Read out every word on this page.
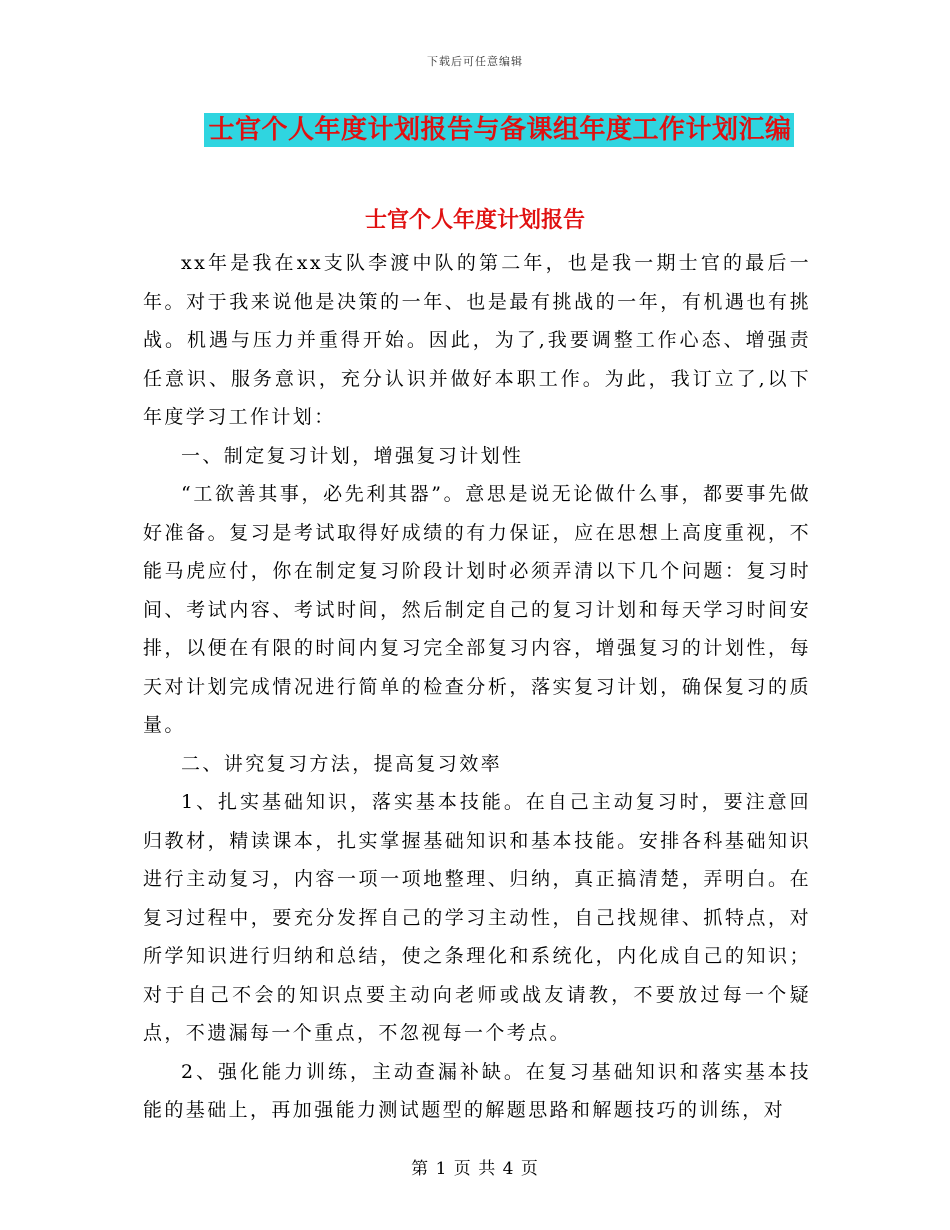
下载后可任意编辑
士官个人年度计划报告与备课组年度工作计划汇编
士官个人年度计划报告

xx年是我在xx支队李渡中队的第二年，也是我一期士官的最后一年。对于我来说他是决策的一年、也是最有挑战的一年，有机遇也有挑战。机遇与压力并重得开始。因此，为了,我要调整工作心态、增强责任意识、服务意识，充分认识并做好本职工作。为此，我订立了,以下年度学习工作计划：

一、制定复习计划，增强复习计划性

“工欲善其事，必先利其器”。意思是说无论做什么事，都要事先做好准备。复习是考试取得好成绩的有力保证，应在思想上高度重视，不能马虎应付，你在制定复习阶段计划时必须弄清以下几个问题：复习时间、考试内容、考试时间，然后制定自己的复习计划和每天学习时间安排，以便在有限的时间内复习完全部复习内容，增强复习的计划性，每天对计划完成情况进行简单的检查分析，落实复习计划，确保复习的质量。

二、讲究复习方法，提高复习效率

1、扎实基础知识，落实基本技能。在自己主动复习时，要注意回归教材，精读课本，扎实掌握基础知识和基本技能。安排各科基础知识进行主动复习，内容一项一项地整理、归纳，真正搞清楚，弄明白。在复习过程中，要充分发挥自己的学习主动性，自己找规律、抓特点，对所学知识进行归纳和总结，使之条理化和系统化，内化成自己的知识；对于自己不会的知识点要主动向老师或战友请教，不要放过每一个疑点，不遗漏每一个重点，不忽视每一个考点。

2、强化能力训练，主动查漏补缺。在复习基础知识和落实基本技能的基础上，再加强能力测试题型的解题思路和解题技巧的训练，对

第 1 页 共 4 页
